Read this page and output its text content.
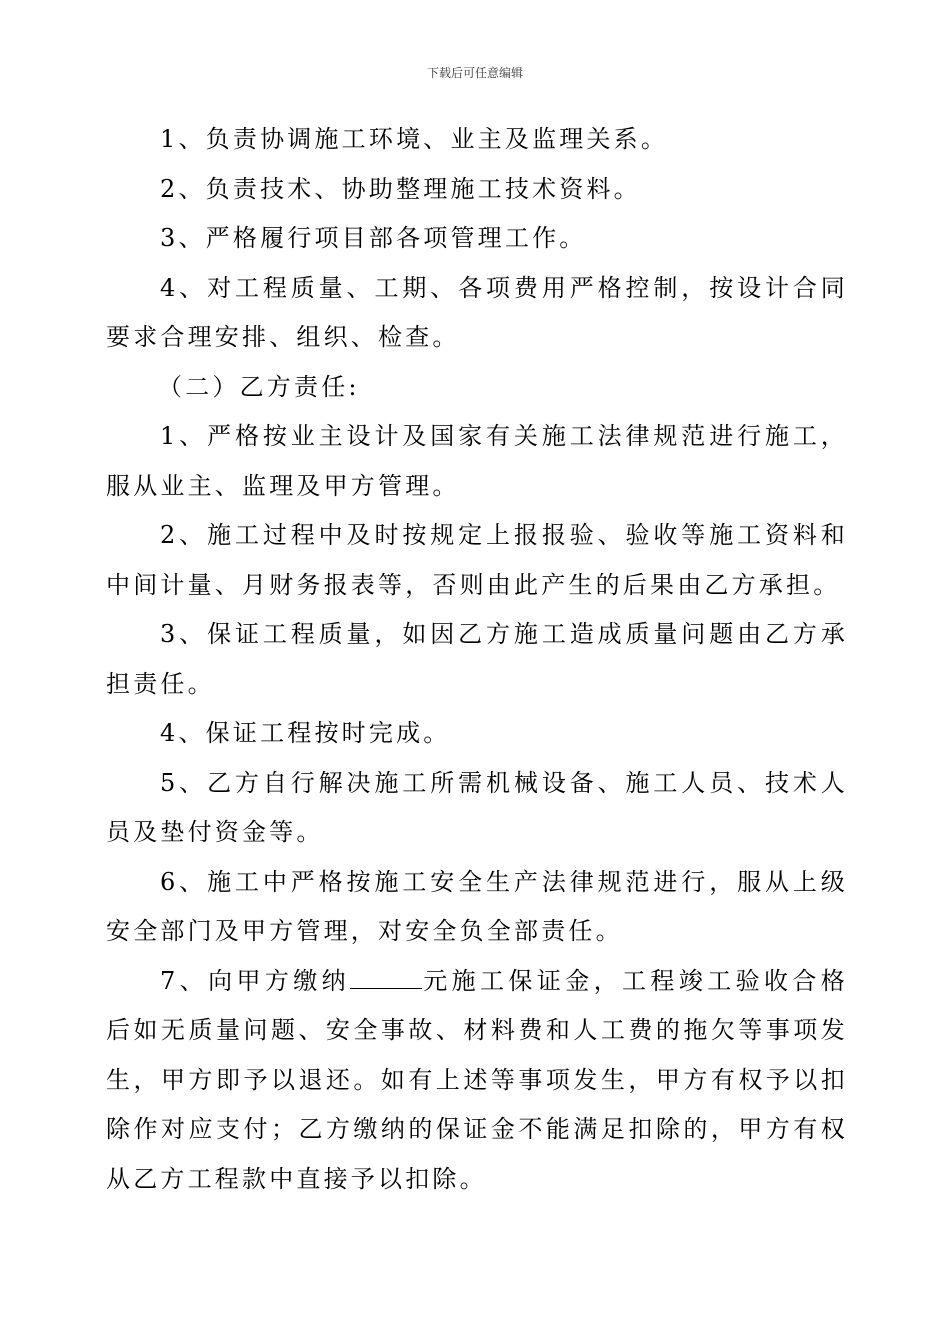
下载后可任意编辑

1、负责协调施工环境、业主及监理关系。

2、负责技术、协助整理施工技术资料。

3、严格履行项目部各项管理工作。

4、对工程质量、工期、各项费用严格控制，按设计合同要求合理安排、组织、检查。

（二）乙方责任:

1、严格按业主设计及国家有关施工法律规范进行施工，服从业主、监理及甲方管理。

2、施工过程中及时按规定上报报验、验收等施工资料和中间计量、月财务报表等，否则由此产生的后果由乙方承担。

3、保证工程质量，如因乙方施工造成质量问题由乙方承担责任。

4、保证工程按时完成。

5、乙方自行解决施工所需机械设备、施工人员、技术人员及垫付资金等。

6、施工中严格按施工安全生产法律规范进行，服从上级安全部门及甲方管理，对安全负全部责任。

7、向甲方缴纳	元施工保证金，工程竣工验收合格后如无质量问题、安全事故、材料费和人工费的拖欠等事项发生，甲方即予以退还。如有上述等事项发生，甲方有权予以扣除作对应支付；乙方缴纳的保证金不能满足扣除的，甲方有权从乙方工程款中直接予以扣除。
